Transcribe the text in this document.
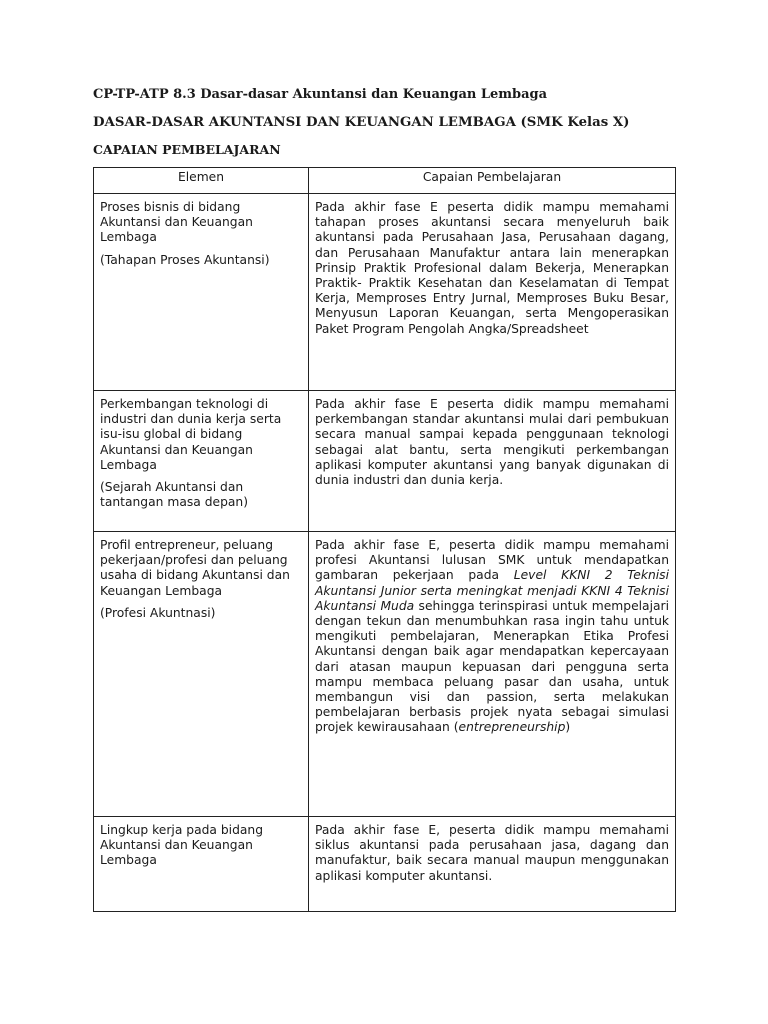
CP-TP-ATP 8.3 Dasar-dasar Akuntansi dan Keuangan Lembaga
DASAR-DASAR AKUNTANSI DAN KEUANGAN LEMBAGA (SMK Kelas X)
CAPAIAN PEMBELAJARAN
Elemen	Capaian Pembelajaran

Proses bisnis di bidang Akuntansi dan Keuangan Lembaga

(Tahapan Proses Akuntansi)	Pada akhir fase E peserta didik mampu memahami tahapan proses akuntansi secara menyeluruh baik akuntansi pada Perusahaan Jasa, Perusahaan dagang, dan Perusahaan Manufaktur antara lain menerapkan Prinsip Praktik Profesional dalam Bekerja, Menerapkan Praktik- Praktik Kesehatan dan Keselamatan di Tempat Kerja, Memproses Entry Jurnal, Memproses Buku Besar, Menyusun Laporan Keuangan, serta Mengoperasikan Paket Program Pengolah Angka/Spreadsheet

Perkembangan teknologi di industri dan dunia kerja serta isu-isu global di bidang Akuntansi dan Keuangan Lembaga

(Sejarah Akuntansi dan tantangan masa depan)	Pada akhir fase E peserta didik mampu memahami perkembangan standar akuntansi mulai dari pembukuan secara manual sampai kepada penggunaan teknologi sebagai alat bantu, serta mengikuti perkembangan aplikasi komputer akuntansi yang banyak digunakan di dunia industri dan dunia kerja.

Profil entrepreneur, peluang pekerjaan/profesi dan peluang usaha di bidang Akuntansi dan Keuangan Lembaga

(Profesi Akuntnasi)	Pada akhir fase E, peserta didik mampu memahami profesi Akuntansi lulusan SMK untuk mendapatkan gambaran pekerjaan pada Level KKNI 2 Teknisi Akuntansi Junior serta meningkat menjadi KKNI 4 Teknisi Akuntansi Muda sehingga terinspirasi untuk mempelajari dengan tekun dan menumbuhkan rasa ingin tahu untuk mengikuti pembelajaran, Menerapkan Etika Profesi Akuntansi dengan baik agar mendapatkan kepercayaan dari atasan maupun kepuasan dari pengguna serta mampu membaca peluang pasar dan usaha, untuk membangun visi dan passion, serta melakukan pembelajaran berbasis projek nyata sebagai simulasi projek kewirausahaan (entrepreneurship)

Lingkup kerja pada bidang Akuntansi dan Keuangan Lembaga	Pada akhir fase E, peserta didik mampu memahami siklus akuntansi pada perusahaan jasa, dagang dan manufaktur, baik secara manual maupun menggunakan aplikasi komputer akuntansi.
